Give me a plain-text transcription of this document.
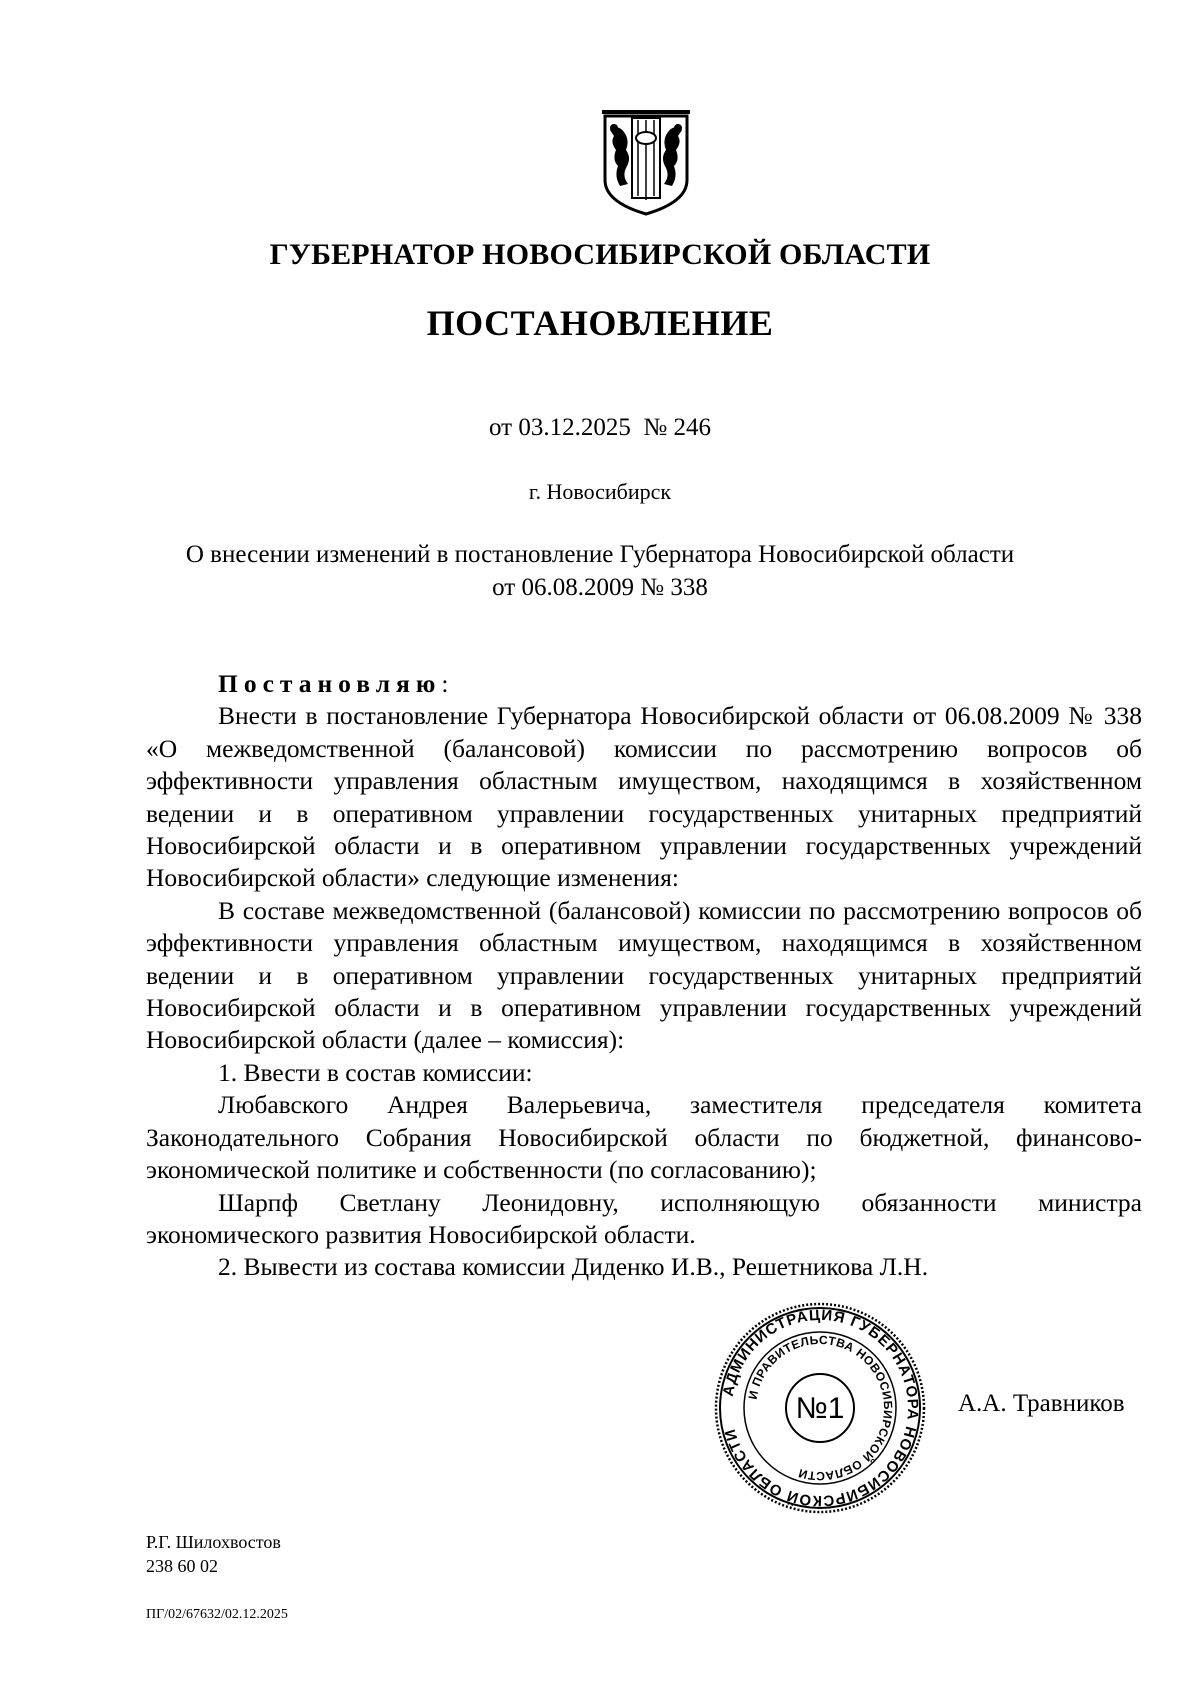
ГУБЕРНАТОР НОВОСИБИРСКОЙ ОБЛАСТИ
ПОСТАНОВЛЕНИЕ
от 03.12.2025  № 246
г. Новосибирск
О внесении изменений в постановление Губернатора Новосибирской области
от 06.08.2009 № 338

Постановляю:

Внести в постановление Губернатора Новосибирской области от 06.08.2009 № 338 «О межведомственной (балансовой) комиссии по рассмотрению вопросов об эффективности управления областным имуществом, находящимся в хозяйственном ведении и в оперативном управлении государственных унитарных предприятий Новосибирской области и в оперативном управлении государственных учреждений Новосибирской области» следующие изменения:

В составе межведомственной (балансовой) комиссии по рассмотрению вопросов об эффективности управления областным имуществом, находящимся в хозяйственном ведении и в оперативном управлении государственных унитарных предприятий Новосибирской области и в оперативном управлении государственных учреждений Новосибирской области (далее – комиссия):

1. Ввести в состав комиссии:

Любавского Андрея Валерьевича, заместителя председателя комитета Законодательного Собрания Новосибирской области по бюджетной, финансово-экономической политике и собственности (по согласованию);

Шарпф Светлану Леонидовну, исполняющую обязанности министра экономического развития Новосибирской области.

2. Вывести из состава комиссии Диденко И.В., Решетникова Л.Н.

АДМИНИСТРАЦИЯ ГУБЕРНАТОРА НОВОСИБИРСКОЙ ОБЛАСТИ
И ПРАВИТЕЛЬСТВА НОВОСИБИРСКОЙ ОБЛАСТИ
№1	А.А. Травников
Р.Г. Шилохвостов
238 60 02
ПГ/02/67632/02.12.2025
